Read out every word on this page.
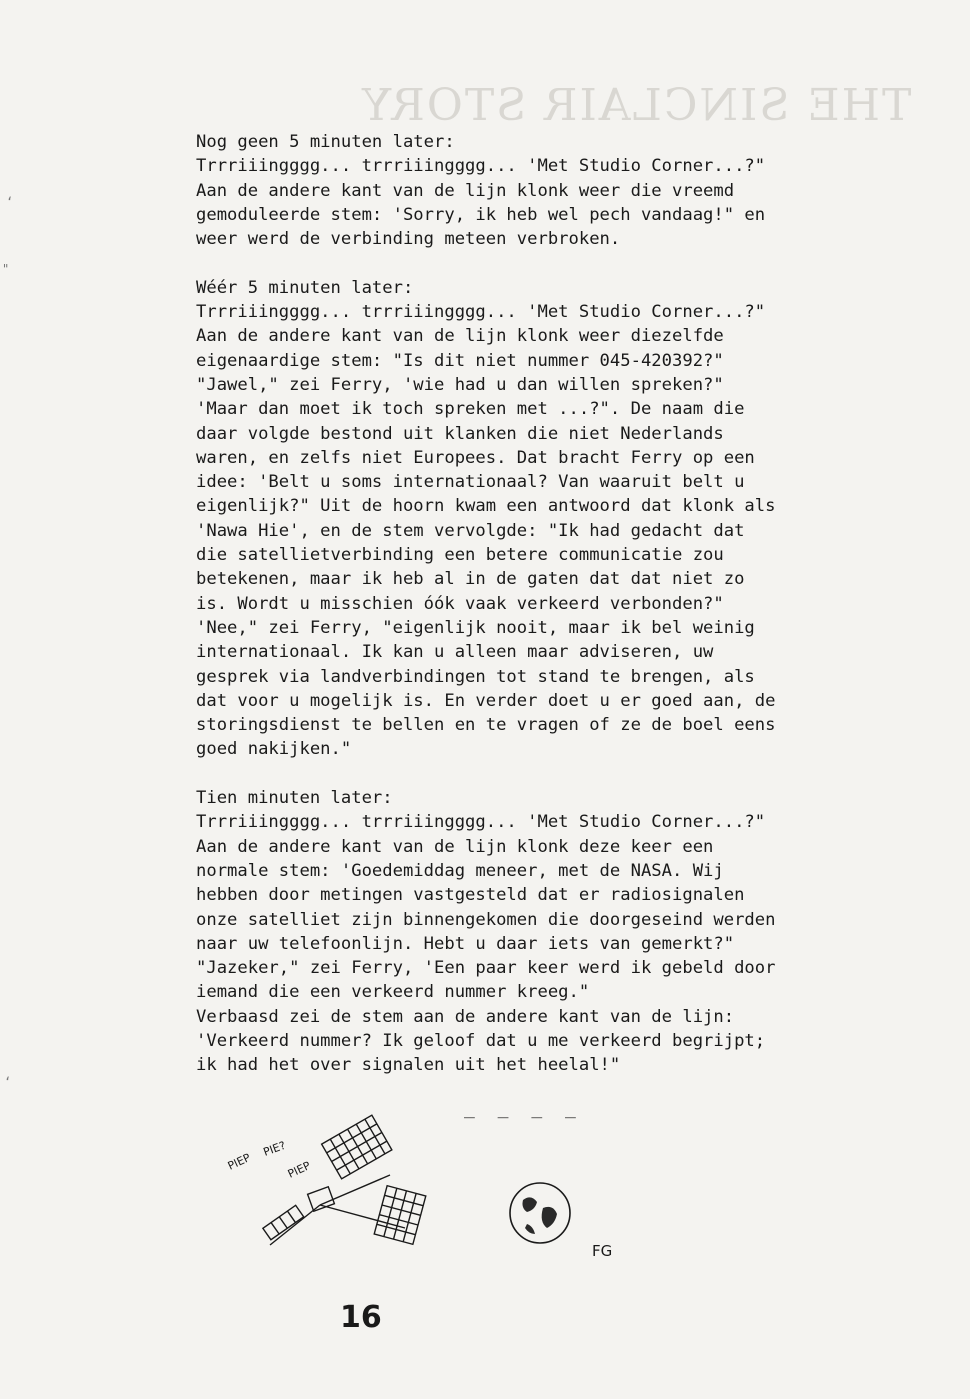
THE SINCLAIR STORY
‘
"
‘
Nog geen 5 minuten later:
Trrriiingggg... trrriiingggg... 'Met Studio Corner...?"
Aan de andere kant van de lijn klonk weer die vreemd
gemoduleerde stem: 'Sorry, ik heb wel pech vandaag!" en
weer werd de verbinding meteen verbroken.
Wéér 5 minuten later:
Trrriiingggg... trrriiingggg... 'Met Studio Corner...?"
Aan de andere kant van de lijn klonk weer diezelfde
eigenaardige stem: "Is dit niet nummer 045-420392?"
"Jawel," zei Ferry, 'wie had u dan willen spreken?"
'Maar dan moet ik toch spreken met ...?". De naam die
daar volgde bestond uit klanken die niet Nederlands
waren, en zelfs niet Europees. Dat bracht Ferry op een
idee: 'Belt u soms internationaal? Van waaruit belt u
eigenlijk?" Uit de hoorn kwam een antwoord dat klonk als
'Nawa Hie', en de stem vervolgde: "Ik had gedacht dat
die satellietverbinding een betere communicatie zou
betekenen, maar ik heb al in de gaten dat dat niet zo
is. Wordt u misschien óók vaak verkeerd verbonden?"
'Nee," zei Ferry, "eigenlijk nooit, maar ik bel weinig
internationaal. Ik kan u alleen maar adviseren, uw
gesprek via landverbindingen tot stand te brengen, als
dat voor u mogelijk is. En verder doet u er goed aan, de
storingsdienst te bellen en te vragen of ze de boel eens
goed nakijken."
Tien minuten later:
Trrriiingggg... trrriiingggg... 'Met Studio Corner...?"
Aan de andere kant van de lijn klonk deze keer een
normale stem: 'Goedemiddag meneer, met de NASA. Wij
hebben door metingen vastgesteld dat er radiosignalen
onze satelliet zijn binnengekomen die doorgeseind werden
naar uw telefoonlijn. Hebt u daar iets van gemerkt?"
"Jazeker," zei Ferry, 'Een paar keer werd ik gebeld door
iemand die een verkeerd nummer kreeg."
Verbaasd zei de stem aan de andere kant van de lijn:
'Verkeerd nummer? Ik geloof dat u me verkeerd begrijpt;
ik had het over signalen uit het heelal!"
_ _ _ _
PIEP
PIE?
PIEP
FG
16
